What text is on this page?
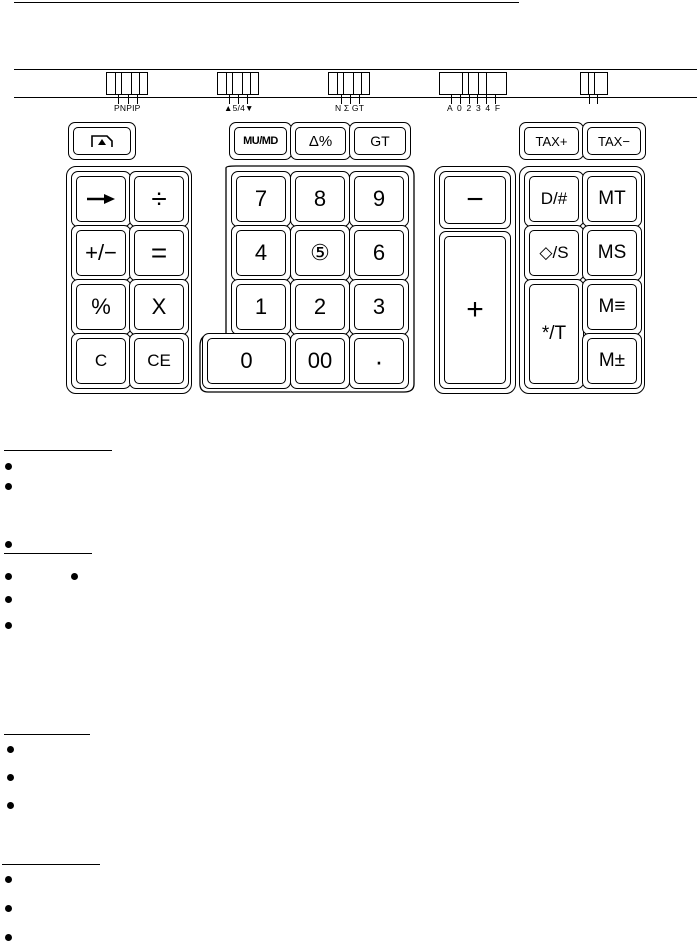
PNPIP	▲5/4▼	N Σ GT	A 0 2 3 4 F
MU/MD Δ%	GT	TAX+ TAX−
÷
+/− =
% X
C CE
7 8 9
4 ⑤ 6
1 2 3
0	00 ·
−
+
D/# MT
◇/S MS
*/T
M≡
M±
